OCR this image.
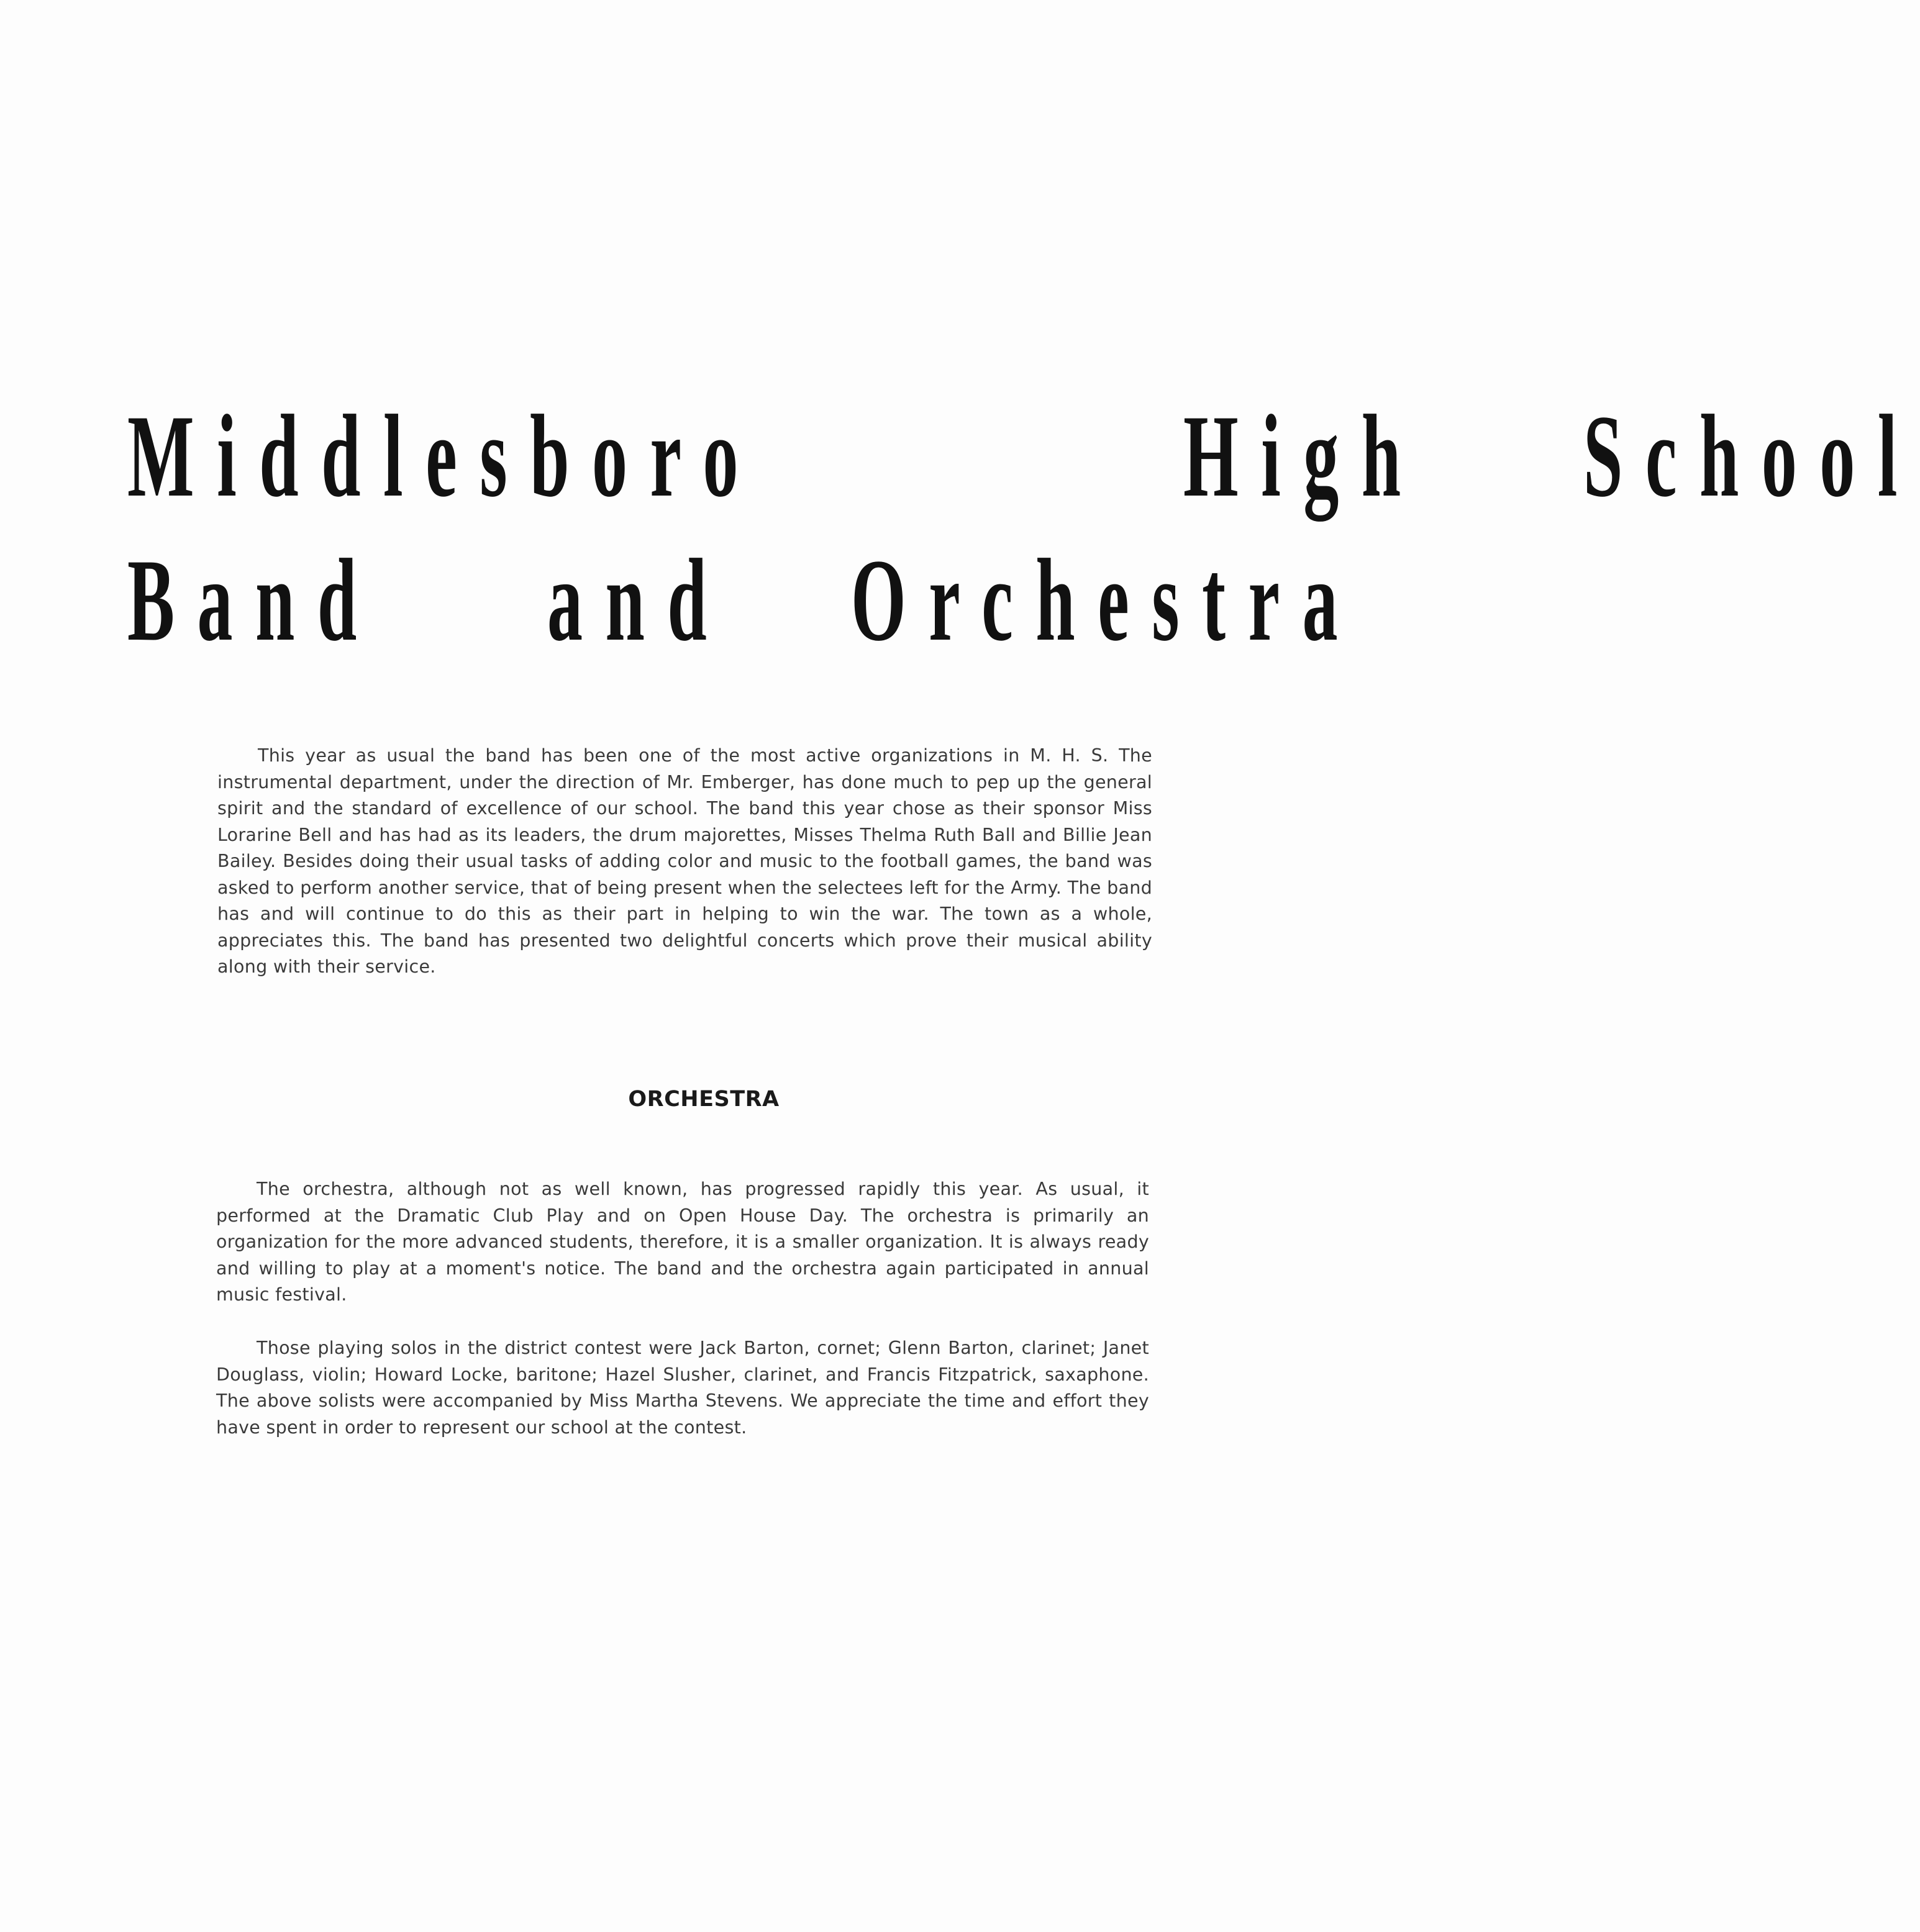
Middlesboro	High School
Band and Orchestra

This year as usual the band has been one of the most active organizations in M. H. S. The instrumental department, under the direction of Mr. Emberger, has done much to pep up the general spirit and the standard of excellence of our school. The band this year chose as their sponsor Miss Lorarine Bell and has had as its leaders, the drum majorettes, Misses Thelma Ruth Ball and Billie Jean Bailey. Besides doing their usual tasks of adding color and music to the football games, the band was asked to perform another service, that of being present when the selectees left for the Army. The band has and will continue to do this as their part in helping to win the war. The town as a whole, appreciates this. The band has presented two delightful concerts which prove their musical ability along with their service.

ORCHESTRA

The orchestra, although not as well known, has progressed rapidly this year. As usual, it performed at the Dramatic Club Play and on Open House Day. The orchestra is primarily an organization for the more advanced students, therefore, it is a smaller organization. It is always ready and willing to play at a moment's notice. The band and the orchestra again participated in annual music festival.

Those playing solos in the district contest were Jack Barton, cornet; Glenn Barton, clarinet; Janet Douglass, violin; Howard Locke, baritone; Hazel Slusher, clarinet, and Francis Fitzpatrick, saxaphone. The above solists were accompanied by Miss Martha Stevens. We appreciate the time and effort they have spent in order to represent our school at the contest.
